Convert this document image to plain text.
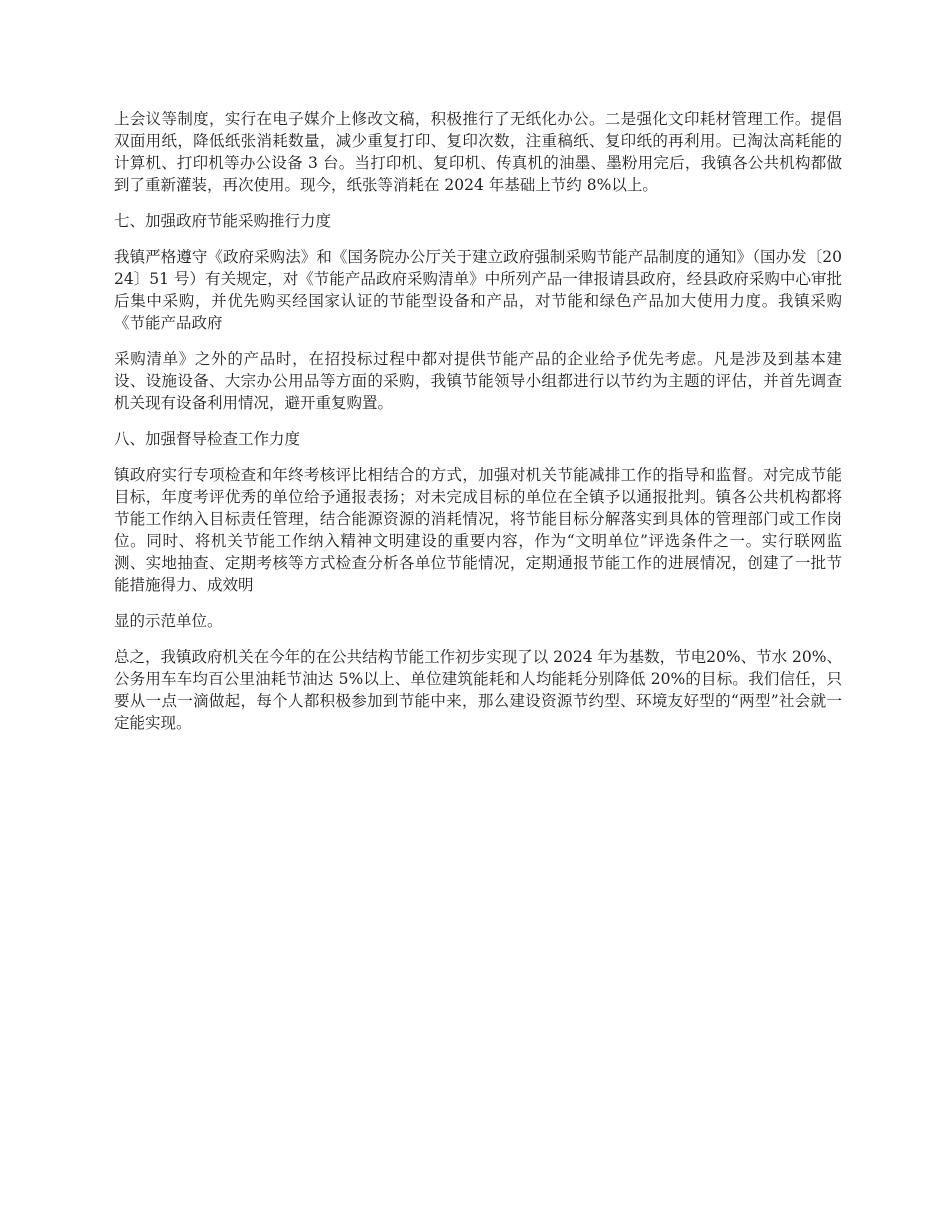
上会议等制度，实行在电子媒介上修改文稿，积极推行了无纸化办公。二是强化文印耗材管理工作。提倡双面用纸，降低纸张消耗数量，减少重复打印、复印次数，注重稿纸、复印纸的再利用。已淘汰高耗能的计算机、打印机等办公设备 3 台。当打印机、复印机、传真机的油墨、墨粉用完后，我镇各公共机构都做到了重新灌装，再次使用。现今，纸张等消耗在 2024 年基础上节约 8%以上。

七、加强政府节能采购推行力度

我镇严格遵守《政府采购法》和《国务院办公厅关于建立政府强制采购节能产品制度的通知》（国办发〔2024〕51 号）有关规定，对《节能产品政府采购清单》中所列产品一律报请县政府，经县政府采购中心审批后集中采购，并优先购买经国家认证的节能型设备和产品，对节能和绿色产品加大使用力度。我镇采购《节能产品政府

采购清单》之外的产品时，在招投标过程中都对提供节能产品的企业给予优先考虑。凡是涉及到基本建设、设施设备、大宗办公用品等方面的采购，我镇节能领导小组都进行以节约为主题的评估，并首先调查机关现有设备利用情况，避开重复购置。

八、加强督导检查工作力度

镇政府实行专项检查和年终考核评比相结合的方式，加强对机关节能减排工作的指导和监督。对完成节能目标，年度考评优秀的单位给予通报表扬；对未完成目标的单位在全镇予以通报批判。镇各公共机构都将节能工作纳入目标责任管理，结合能源资源的消耗情况，将节能目标分解落实到具体的管理部门或工作岗位。同时、将机关节能工作纳入精神文明建设的重要内容，作为“文明单位”评选条件之一。实行联网监测、实地抽查、定期考核等方式检查分析各单位节能情况，定期通报节能工作的进展情况，创建了一批节能措施得力、成效明

显的示范单位。

总之，我镇政府机关在今年的在公共结构节能工作初步实现了以 2024 年为基数，节电20%、节水 20%、公务用车车均百公里油耗节油达 5%以上、单位建筑能耗和人均能耗分别降低 20%的目标。我们信任，只要从一点一滴做起，每个人都积极参加到节能中来，那么建设资源节约型、环境友好型的“两型”社会就一定能实现。
